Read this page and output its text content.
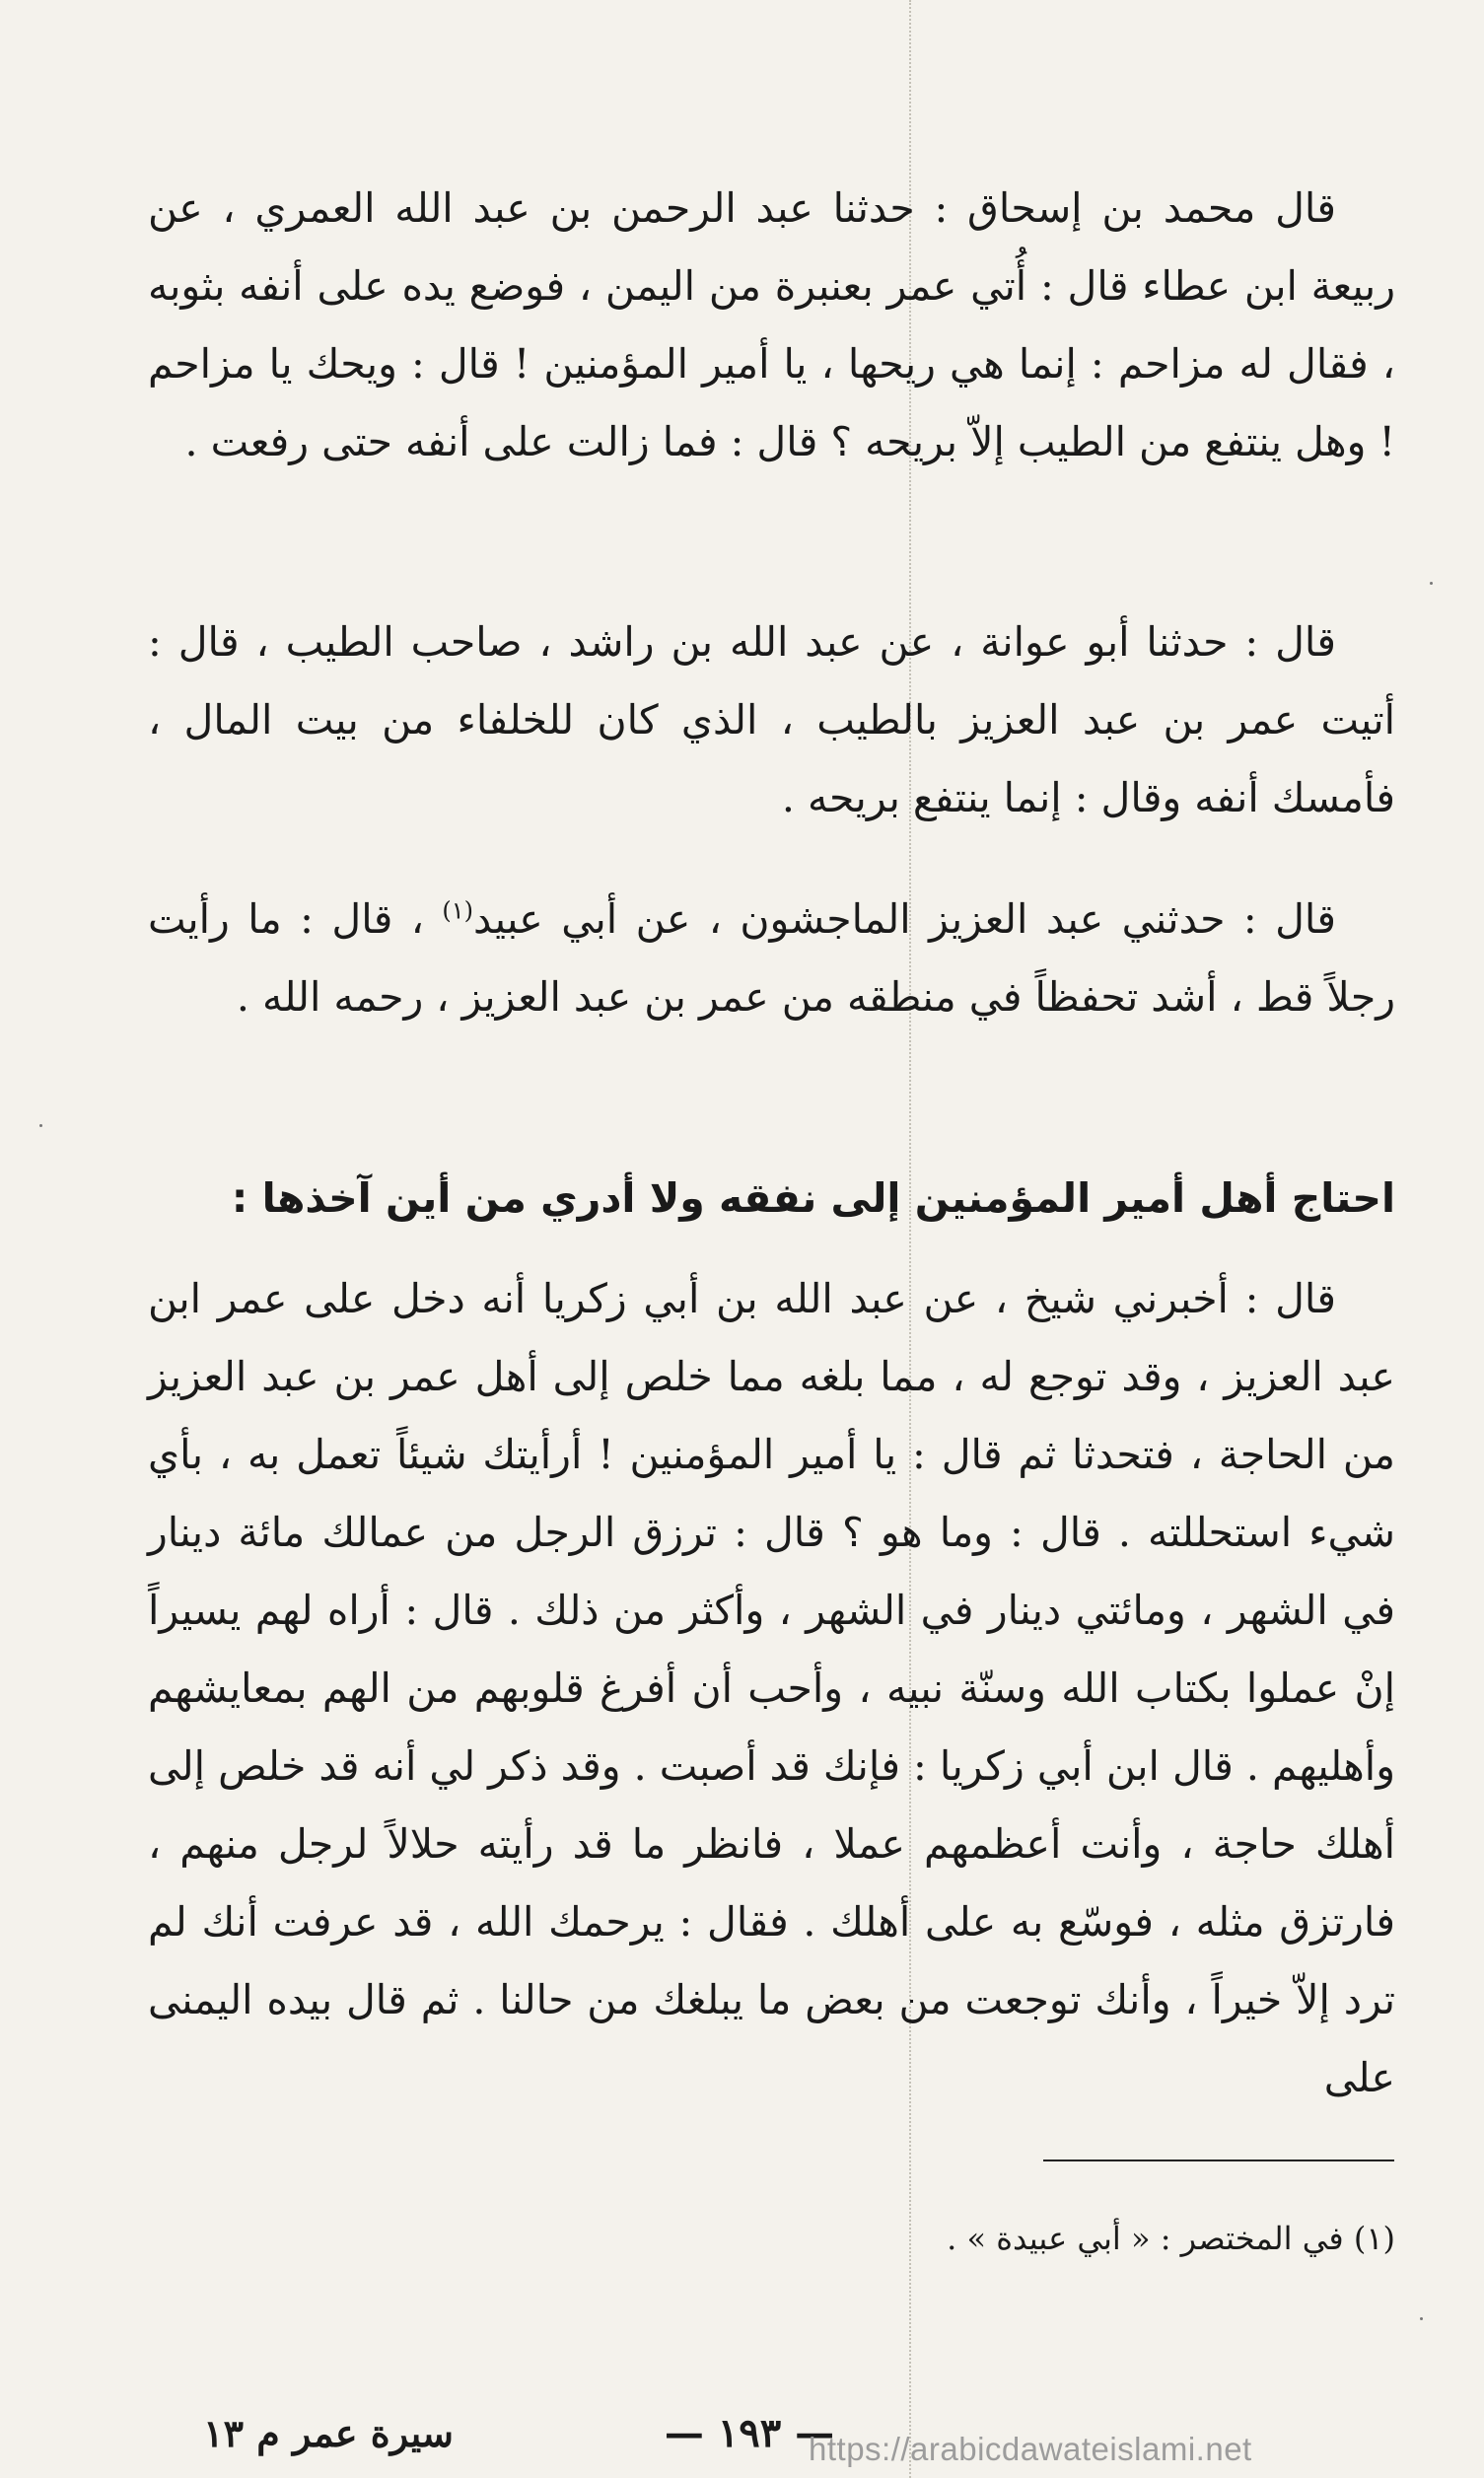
قال محمد بن إسحاق : حدثنا عبد الرحمن بن عبد الله العمري ، عن ربيعة ابن عطاء قال : أُتي عمر بعنبرة من اليمن ، فوضع يده على أنفه بثوبه ، فقال له مزاحم : إنما هي ريحها ، يا أمير المؤمنين ! قال : ويحك يا مزاحم ! وهل ينتفع من الطيب إلاّ بريحه ؟ قال : فما زالت على أنفه حتى رفعت .

قال : حدثنا أبو عوانة ، عن عبد الله بن راشد ، صاحب الطيب ، قال : أتيت عمر بن عبد العزيز بالطيب ، الذي كان للخلفاء من بيت المال ، فأمسك أنفه وقال : إنما ينتفع بريحه .

قال : حدثني عبد العزيز الماجشون ، عن أبي عبيد$^{(١)}$ ، قال : ما رأيت رجلاً قط ، أشد تحفظاً في منطقه من عمر بن عبد العزيز ، رحمه الله .

احتاج أهل أمير المؤمنين إلى نفقه ولا أدري من أين آخذها :

قال : أخبرني شيخ ، عن عبد الله بن أبي زكريا أنه دخل على عمر ابن عبد العزيز ، وقد توجع له ، مما بلغه مما خلص إلى أهل عمر بن عبد العزيز من الحاجة ، فتحدثا ثم قال : يا أمير المؤمنين ! أرأيتك شيئاً تعمل به ، بأي شيء استحللته . قال : وما هو ؟ قال : ترزق الرجل من عمالك مائة دينار في الشهر ، ومائتي دينار في الشهر ، وأكثر من ذلك . قال : أراه لهم يسيراً إنْ عملوا بكتاب الله وسنّة نبيه ، وأحب أن أفرغ قلوبهم من الهم بمعايشهم وأهليهم . قال ابن أبي زكريا : فإنك قد أصبت . وقد ذكر لي أنه قد خلص إلى أهلك حاجة ، وأنت أعظمهم عملا ، فانظر ما قد رأيته حلالاً لرجل منهم ، فارتزق مثله ، فوسّع به على أهلك . فقال : يرحمك الله ، قد عرفت أنك لم ترد إلاّ خيراً ، وأنك توجعت من بعض ما يبلغك من حالنا . ثم قال بيده اليمنى على

(١) في المختصر : « أبي عبيدة » .
سيرة عمر م ١٣	— ١٩٣ —
https://arabicdawateislami.net
